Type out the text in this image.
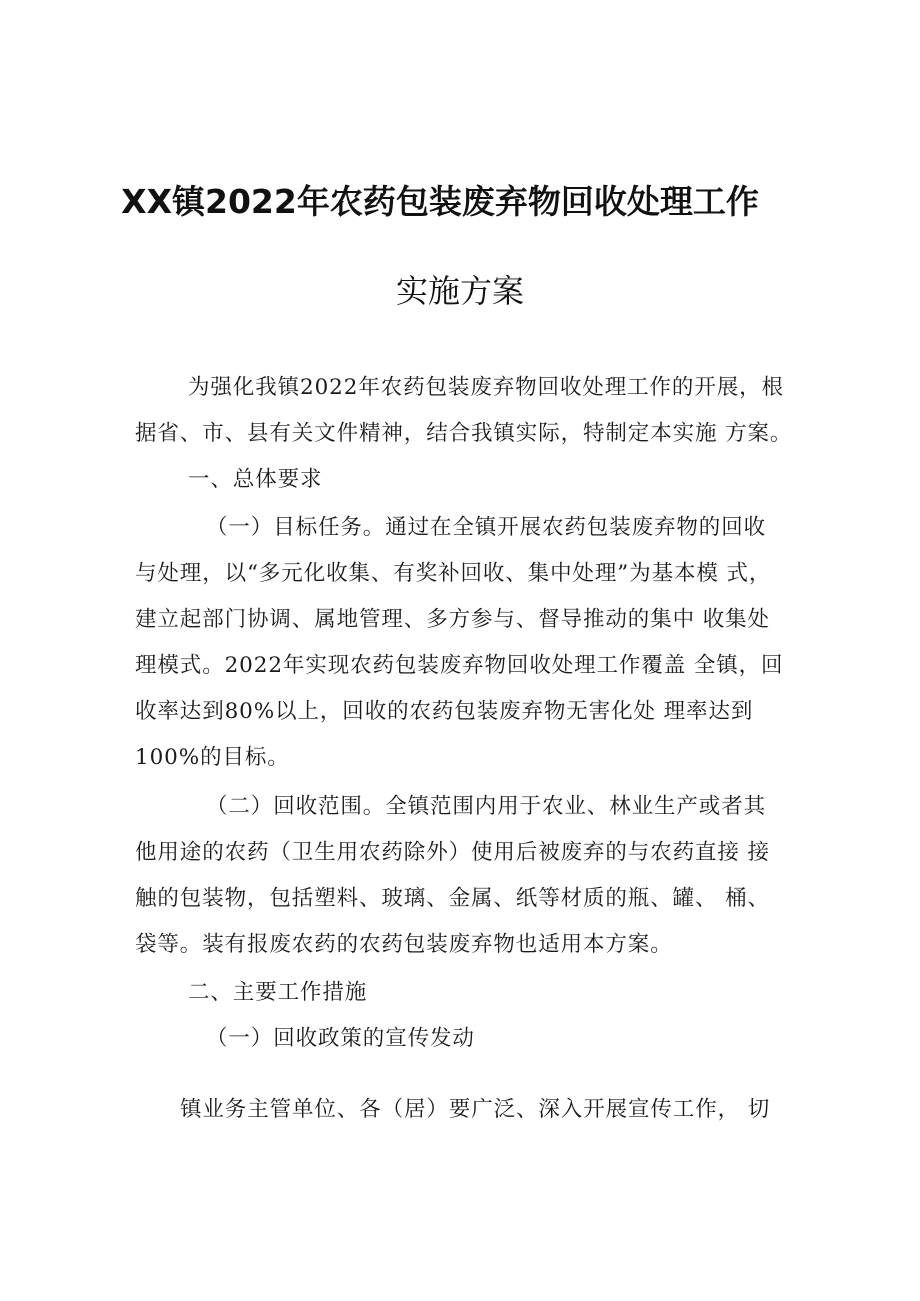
XX镇2022年农药包装废弃物回收处理工作
实施方案
为强化我镇2022年农药包装废弃物回收处理工作的开展，根
据省、市、县有关文件精神，结合我镇实际，特制定本实施 方案。
一、总体要求
（一）目标任务。通过在全镇开展农药包装废弃物的回收
与处理，以“多元化收集、有奖补回收、集中处理”为基本模 式，
建立起部门协调、属地管理、多方参与、督导推动的集中 收集处
理模式。2022年实现农药包装废弃物回收处理工作覆盖 全镇，回
收率达到80%以上，回收的农药包装废弃物无害化处 理率达到
100%的目标。
（二）回收范围。全镇范围内用于农业、林业生产或者其
他用途的农药（卫生用农药除外）使用后被废弃的与农药直接 接
触的包装物，包括塑料、玻璃、金属、纸等材质的瓶、罐、 桶、
袋等。装有报废农药的农药包装废弃物也适用本方案。
二、主要工作措施
（一）回收政策的宣传发动
镇业务主管单位、各（居）要广泛、深入开展宣传工作， 切
